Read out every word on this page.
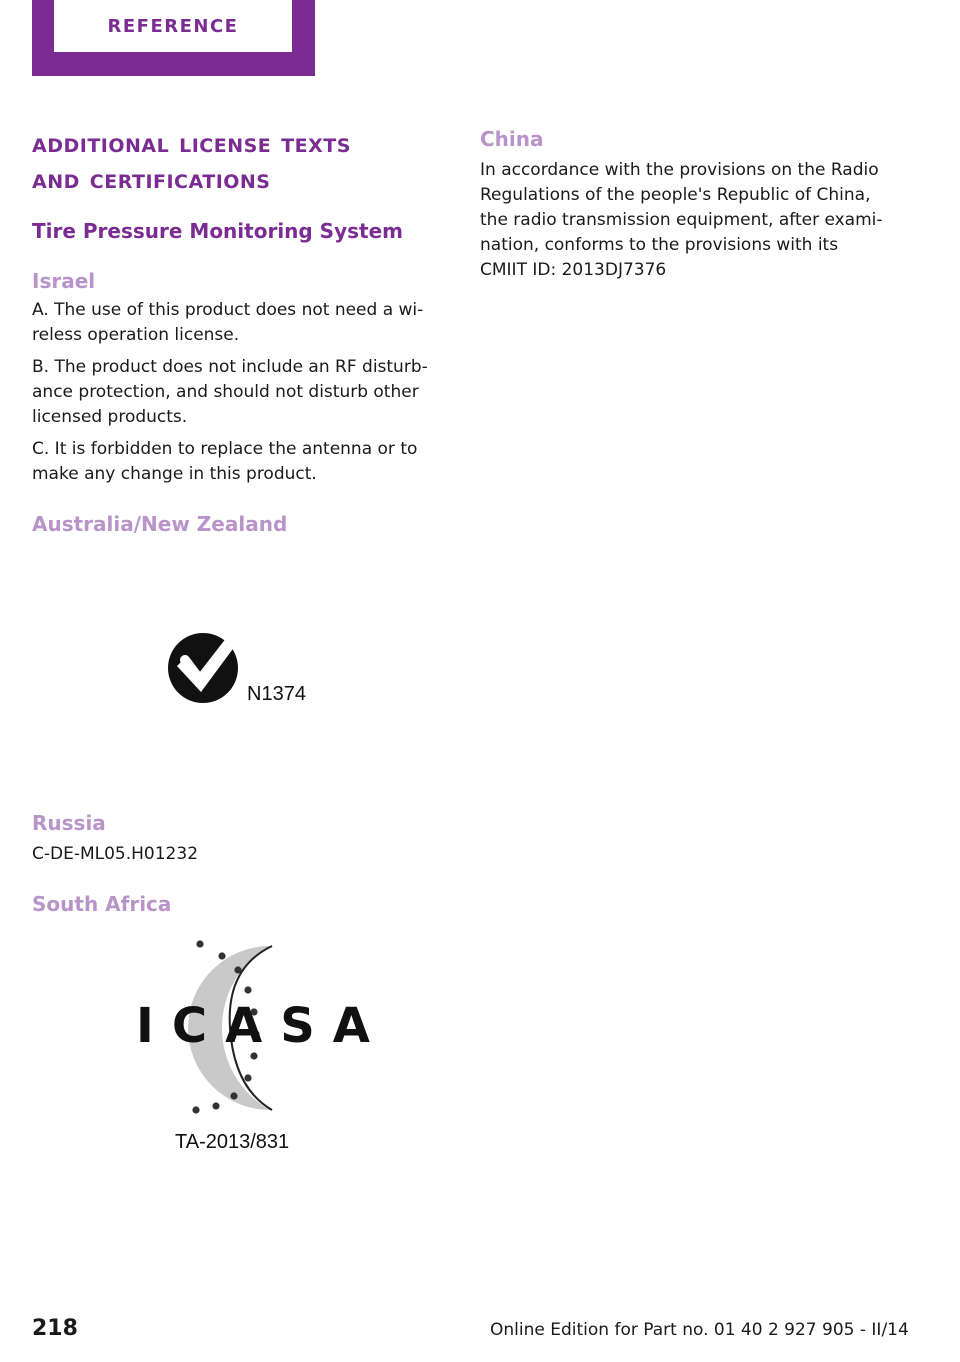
REFERENCE
additional license texts
and certifications
Tire Pressure Monitoring System
Israel

A. The use of this product does not need a wi‐
reless operation license.

B. The product does not include an RF disturb‐
ance protection, and should not disturb other
licensed products.

C. It is forbidden to replace the antenna or to
make any change in this product.

Australia/New Zealand
N1374
Russia

C-DE-ML05.H01232

South Africa
ICASA
TA-2013/831
China

In accordance with the provisions on the Radio
Regulations of the people's Republic of China,
the radio transmission equipment, after exami‐
nation, conforms to the provisions with its
CMIIT ID: 2013DJ7376

218	Online Edition for Part no. 01 40 2 927 905 - II/14
